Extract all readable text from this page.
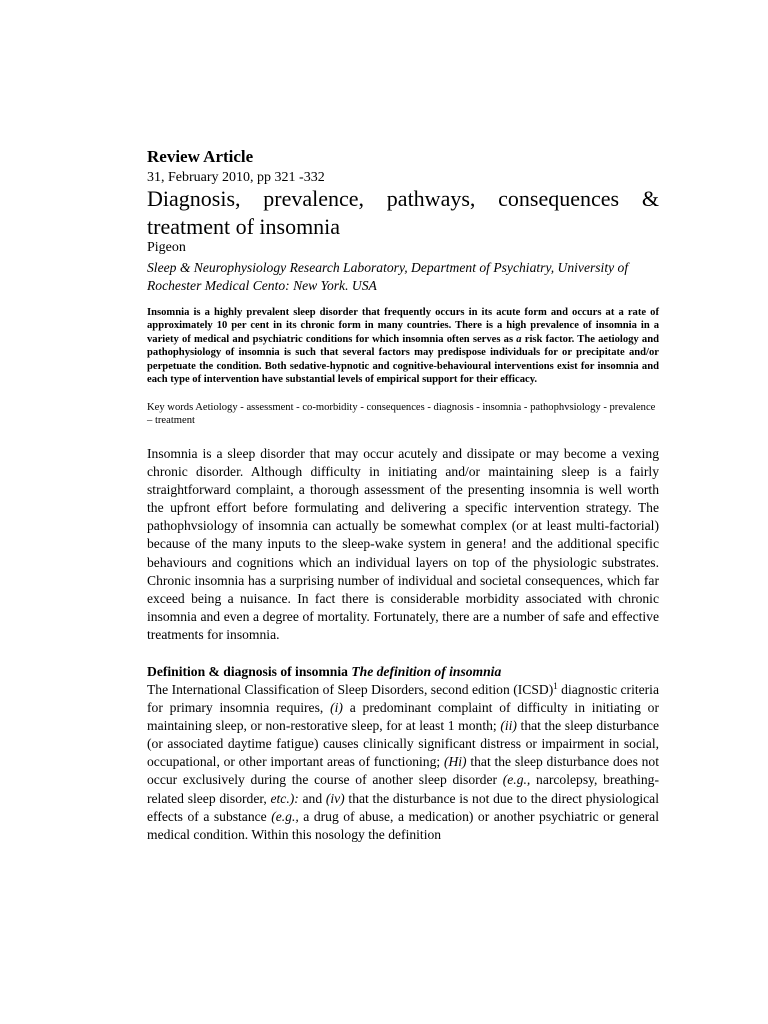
Review Article

31, February 2010, pp 321 -332

Diagnosis, prevalence, pathways, consequences & treatment of insomnia

Pigeon

Sleep & Neurophysiology Research Laboratory, Department of Psychiatry, University of Rochester Medical Cento: New York. USA

Insomnia is a highly prevalent sleep disorder that frequently occurs in its acute form and occurs at a rate of approximately 10 per cent in its chronic form in many countries. There is a high prevalence of insomnia in a variety of medical and psychiatric conditions for which insomnia often serves as a risk factor. The aetiology and pathophysiology of insomnia is such that several factors may predispose individuals for or precipitate and/or perpetuate the condition. Both sedative-hypnotic and cognitive-behavioural interventions exist for insomnia and each type of intervention have substantial levels of empirical support for their efficacy.

Key words Aetiology - assessment - co-morbidity - consequences - diagnosis - insomnia - pathophvsiology - prevalence – treatment

Insomnia is a sleep disorder that may occur acutely and dissipate or may become a vexing chronic disorder. Although difficulty in initiating and/or maintaining sleep is a fairly straightforward complaint, a thorough assessment of the presenting insomnia is well worth the upfront effort before formulating and delivering a specific intervention strategy. The pathophvsiology of insomnia can actually be somewhat complex (or at least multi-factorial) because of the many inputs to the sleep-wake system in genera! and the additional specific behaviours and cognitions which an individual layers on top of the physiologic substrates. Chronic insomnia has a surprising number of individual and societal consequences, which far exceed being a nuisance. In fact there is considerable morbidity associated with chronic insomnia and even a degree of mortality. Fortunately, there are a number of safe and effective treatments for insomnia.

Definition & diagnosis of insomnia The definition of insomnia

The International Classification of Sleep Disorders, second edition (ICSD)$^1$ diagnostic criteria for primary insomnia requires, (i) a predominant complaint of difficulty in initiating or maintaining sleep, or non-restorative sleep, for at least 1 month; (ii) that the sleep disturbance (or associated daytime fatigue) causes clinically significant distress or impairment in social, occupational, or other important areas of functioning; (Hi) that the sleep disturbance does not occur exclusively during the course of another sleep disorder (e.g., narcolepsy, breathing-related sleep disorder, etc.): and (iv) that the disturbance is not due to the direct physiological effects of a substance (e.g., a drug of abuse, a medication) or another psychiatric or general medical condition. Within this nosology the definition
